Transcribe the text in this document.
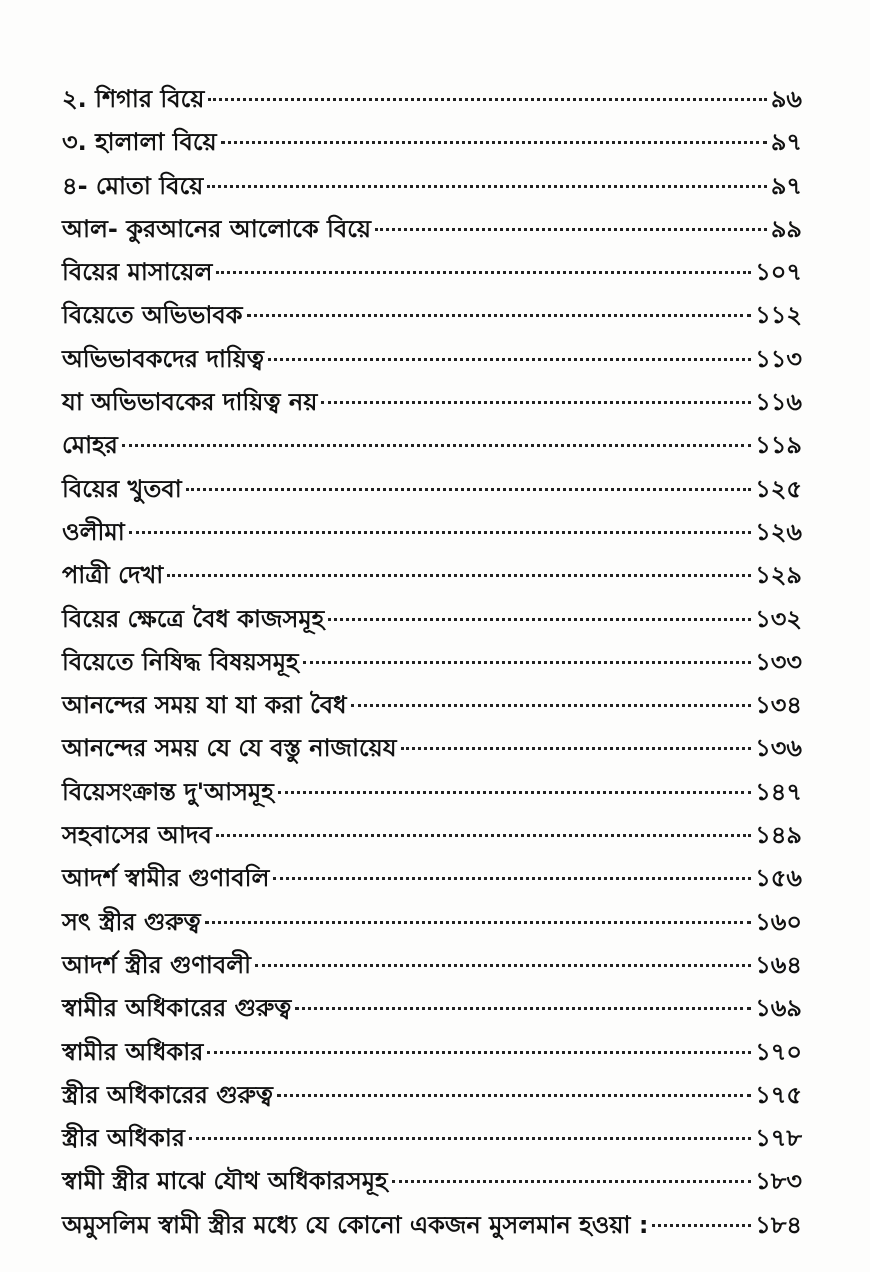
২. শিগার বিয়ে	৯৬
৩. হালালা বিয়ে	৯৭
৪- মোতা বিয়ে	৯৭
আল- কুরআনের আলোকে বিয়ে	৯৯
বিয়ের মাসায়েল	১০৭
বিয়েতে অভিভাবক	১১২
অভিভাবকদের দায়িত্ব	১১৩
যা অভিভাবকের দায়িত্ব নয়	১১৬
মোহর	১১৯
বিয়ের খুতবা	১২৫
ওলীমা	১২৬
পাত্রী দেখা	১২৯
বিয়ের ক্ষেত্রে বৈধ কাজসমূহ	১৩২
বিয়েতে নিষিদ্ধ বিষয়সমূহ	১৩৩
আনন্দের সময় যা যা করা বৈধ	১৩৪
আনন্দের সময় যে যে বস্তু নাজায়েয	১৩৬
বিয়েসংক্রান্ত দু'আসমূহ	১৪৭
সহবাসের আদব	১৪৯
আদর্শ স্বামীর গুণাবলি	১৫৬
সৎ স্ত্রীর গুরুত্ব	১৬০
আদর্শ স্ত্রীর গুণাবলী	১৬৪
স্বামীর অধিকারের গুরুত্ব	১৬৯
স্বামীর অধিকার	১৭০
স্ত্রীর অধিকারের গুরুত্ব	১৭৫
স্ত্রীর অধিকার	১৭৮
স্বামী স্ত্রীর মাঝে যৌথ অধিকারসমূহ	১৮৩
অমুসলিম স্বামী স্ত্রীর মধ্যে যে কোনো একজন মুসলমান হওয়া :	১৮৪
